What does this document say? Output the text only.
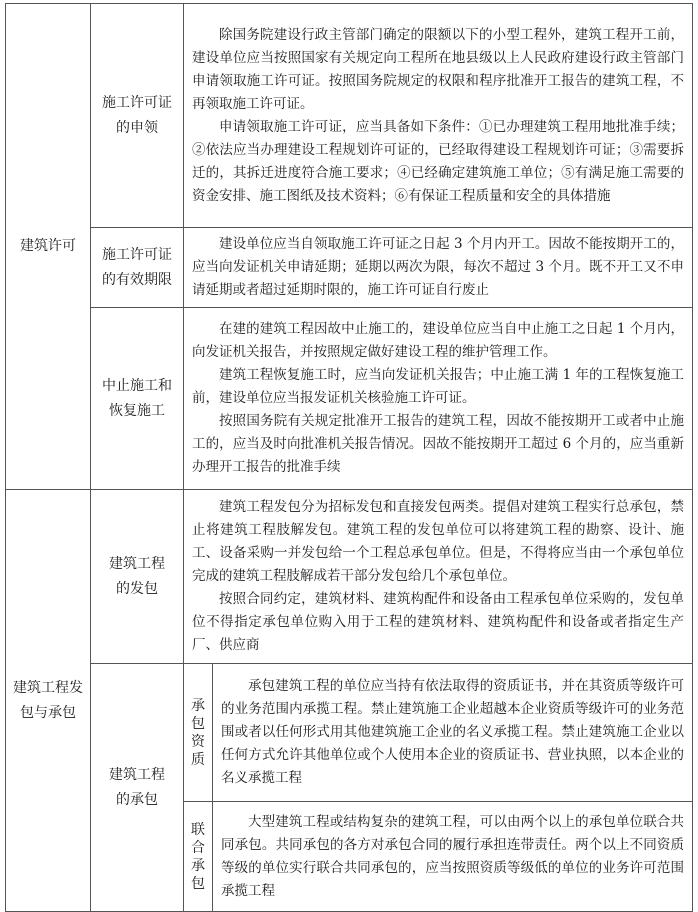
建筑许可	施工许可证的申领	除国务院建设行政主管部门确定的限额以下的小型工程外，建筑工程开工前，建设单位应当按照国家有关规定向工程所在地县级以上人民政府建设行政主管部门申请领取施工许可证。按照国务院规定的权限和程序批准开工报告的建筑工程，不再领取施工许可证。

申请领取施工许可证，应当具备如下条件：①已办理建筑工程用地批准手续；②依法应当办理建设工程规划许可证的，已经取得建设工程规划许可证；③需要拆迁的，其拆迁进度符合施工要求；④已经确定建筑施工单位；⑤有满足施工需要的资金安排、施工图纸及技术资料；⑥有保证工程质量和安全的具体措施	

	施工许可证的有效期限	建设单位应当自领取施工许可证之日起 3 个月内开工。因故不能按期开工的，应当向发证机关申请延期；延期以两次为限，每次不超过 3 个月。既不开工又不申请延期或者超过延期时限的，施工许可证自行废止	

	中止施工和恢复施工	在建的建筑工程因故中止施工的，建设单位应当自中止施工之日起 1 个月内，向发证机关报告，并按照规定做好建设工程的维护管理工作。

建筑工程恢复施工时，应当向发证机关报告；中止施工满 1 年的工程恢复施工前，建设单位应当报发证机关核验施工许可证。

按照国务院有关规定批准开工报告的建筑工程，因故不能按期开工或者中止施工的，应当及时向批准机关报告情况。因故不能按期开工超过 6 个月的，应当重新办理开工报告的批准手续	

建筑工程发包与承包	建筑工程的发包	建筑工程发包分为招标发包和直接发包两类。提倡对建筑工程实行总承包，禁止将建筑工程肢解发包。建筑工程的发包单位可以将建筑工程的勘察、设计、施工、设备采购一并发包给一个工程总承包单位。但是，不得将应当由一个承包单位完成的建筑工程肢解成若干部分发包给几个承包单位。

按照合同约定，建筑材料、建筑构配件和设备由工程承包单位采购的，发包单位不得指定承包单位购入用于工程的建筑材料、建筑构配件和设备或者指定生产厂、供应商	

	建筑工程的承包	承包资质	承包建筑工程的单位应当持有依法取得的资质证书，并在其资质等级许可的业务范围内承揽工程。禁止建筑施工企业超越本企业资质等级许可的业务范围或者以任何形式用其他建筑施工企业的名义承揽工程。禁止建筑施工企业以任何方式允许其他单位或个人使用本企业的资质证书、营业执照，以本企业的名义承揽工程

		联合承包	大型建筑工程或结构复杂的建筑工程，可以由两个以上的承包单位联合共同承包。共同承包的各方对承包合同的履行承担连带责任。两个以上不同资质等级的单位实行联合共同承包的，应当按照资质等级低的单位的业务许可范围承揽工程
